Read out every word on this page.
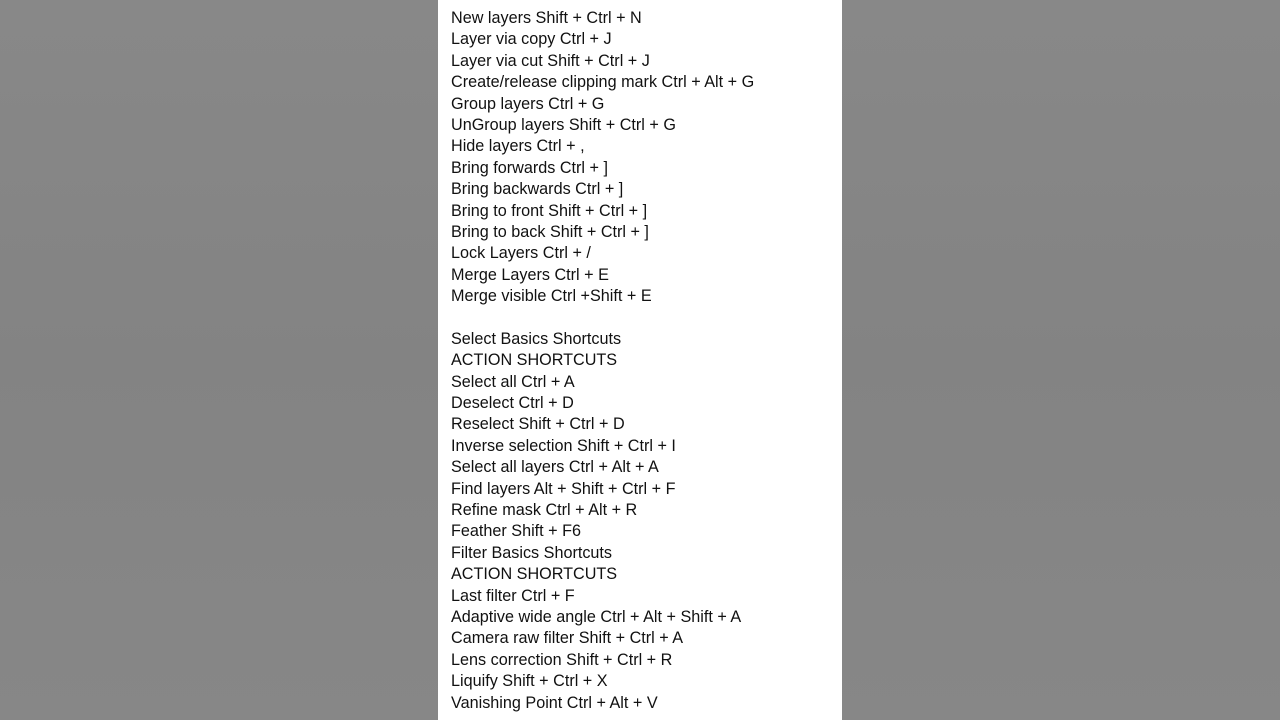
New layers Shift + Ctrl + N
Layer via copy Ctrl + J
Layer via cut Shift + Ctrl + J
Create/release clipping mark Ctrl + Alt + G
Group layers Ctrl + G
UnGroup layers Shift + Ctrl + G
Hide layers Ctrl + ,
Bring forwards Ctrl + ]
Bring backwards Ctrl + ]
Bring to front Shift + Ctrl + ]
Bring to back Shift + Ctrl + ]
Lock Layers Ctrl + /
Merge Layers Ctrl + E
Merge visible Ctrl +Shift + E
Select Basics Shortcuts
ACTION SHORTCUTS
Select all Ctrl + A
Deselect Ctrl + D
Reselect Shift + Ctrl + D
Inverse selection Shift + Ctrl + I
Select all layers Ctrl + Alt + A
Find layers Alt + Shift + Ctrl + F
Refine mask Ctrl + Alt + R
Feather Shift + F6
Filter Basics Shortcuts
ACTION SHORTCUTS
Last filter Ctrl + F
Adaptive wide angle Ctrl + Alt + Shift + A
Camera raw filter Shift + Ctrl + A
Lens correction Shift + Ctrl + R
Liquify Shift + Ctrl + X
Vanishing Point Ctrl + Alt + V
